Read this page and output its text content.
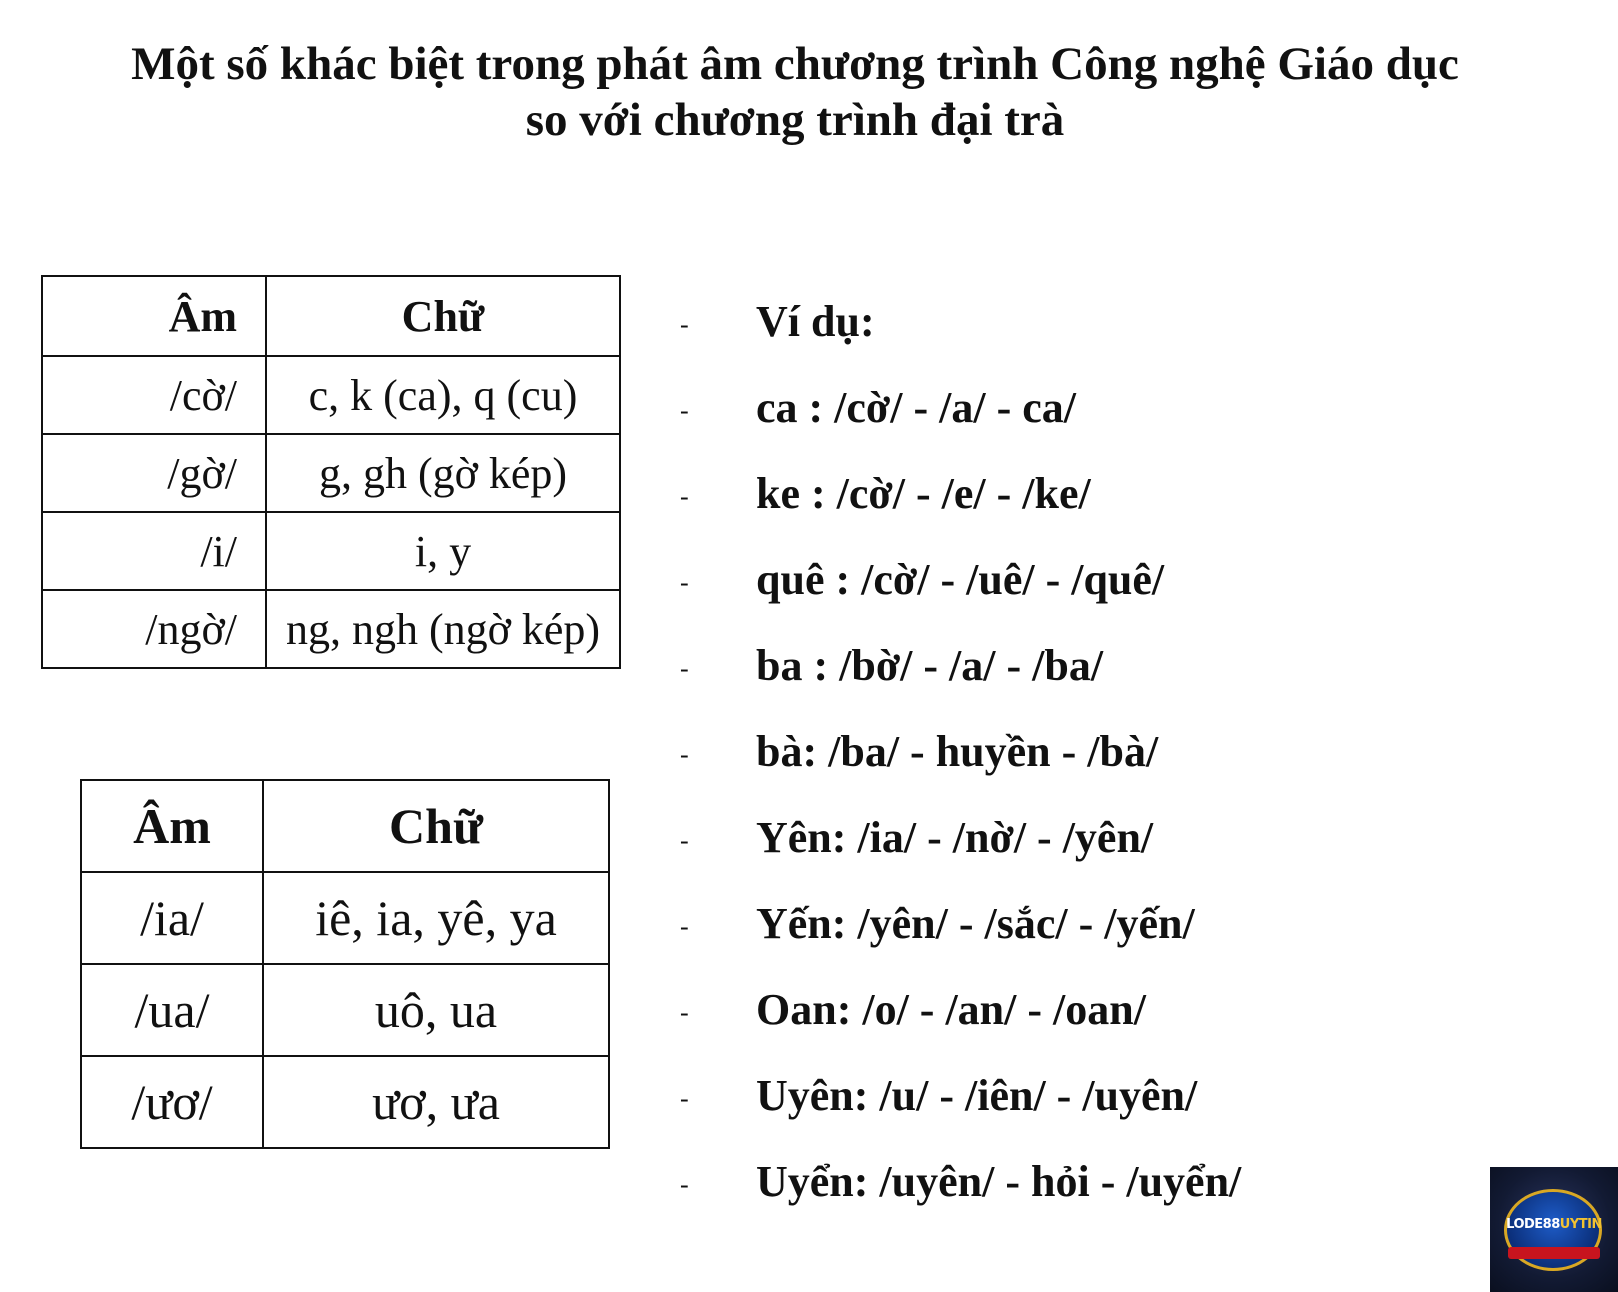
Một số khác biệt trong phát âm chương trình Công nghệ Giáo dục
so với chương trình đại trà
Âm	Chữ
/cờ/	c, k (ca), q (cu)
/gờ/	g, gh (gờ kép)
/i/	i, y
/ngờ/	ng, ngh (ngờ kép)
Âm	Chữ
/ia/	iê, ia, yê, ya
/ua/	uô, ua
/ươ/	ươ, ưa
-	Ví dụ:
-	ca : /cờ/ - /a/ - ca/
-	ke : /cờ/ - /e/ - /ke/
-	quê : /cờ/ - /uê/ - /quê/
-	ba : /bờ/ - /a/ - /ba/
-	bà: /ba/ - huyền - /bà/
-	Yên: /ia/ - /nờ/ - /yên/
-	Yến: /yên/ - /sắc/ - /yến/
-	Oan: /o/ - /an/ - /oan/
-	Uyên: /u/ - /iên/ - /uyên/
-	Uyển: /uyên/ - hỏi - /uyển/
LODE88UYTIN
